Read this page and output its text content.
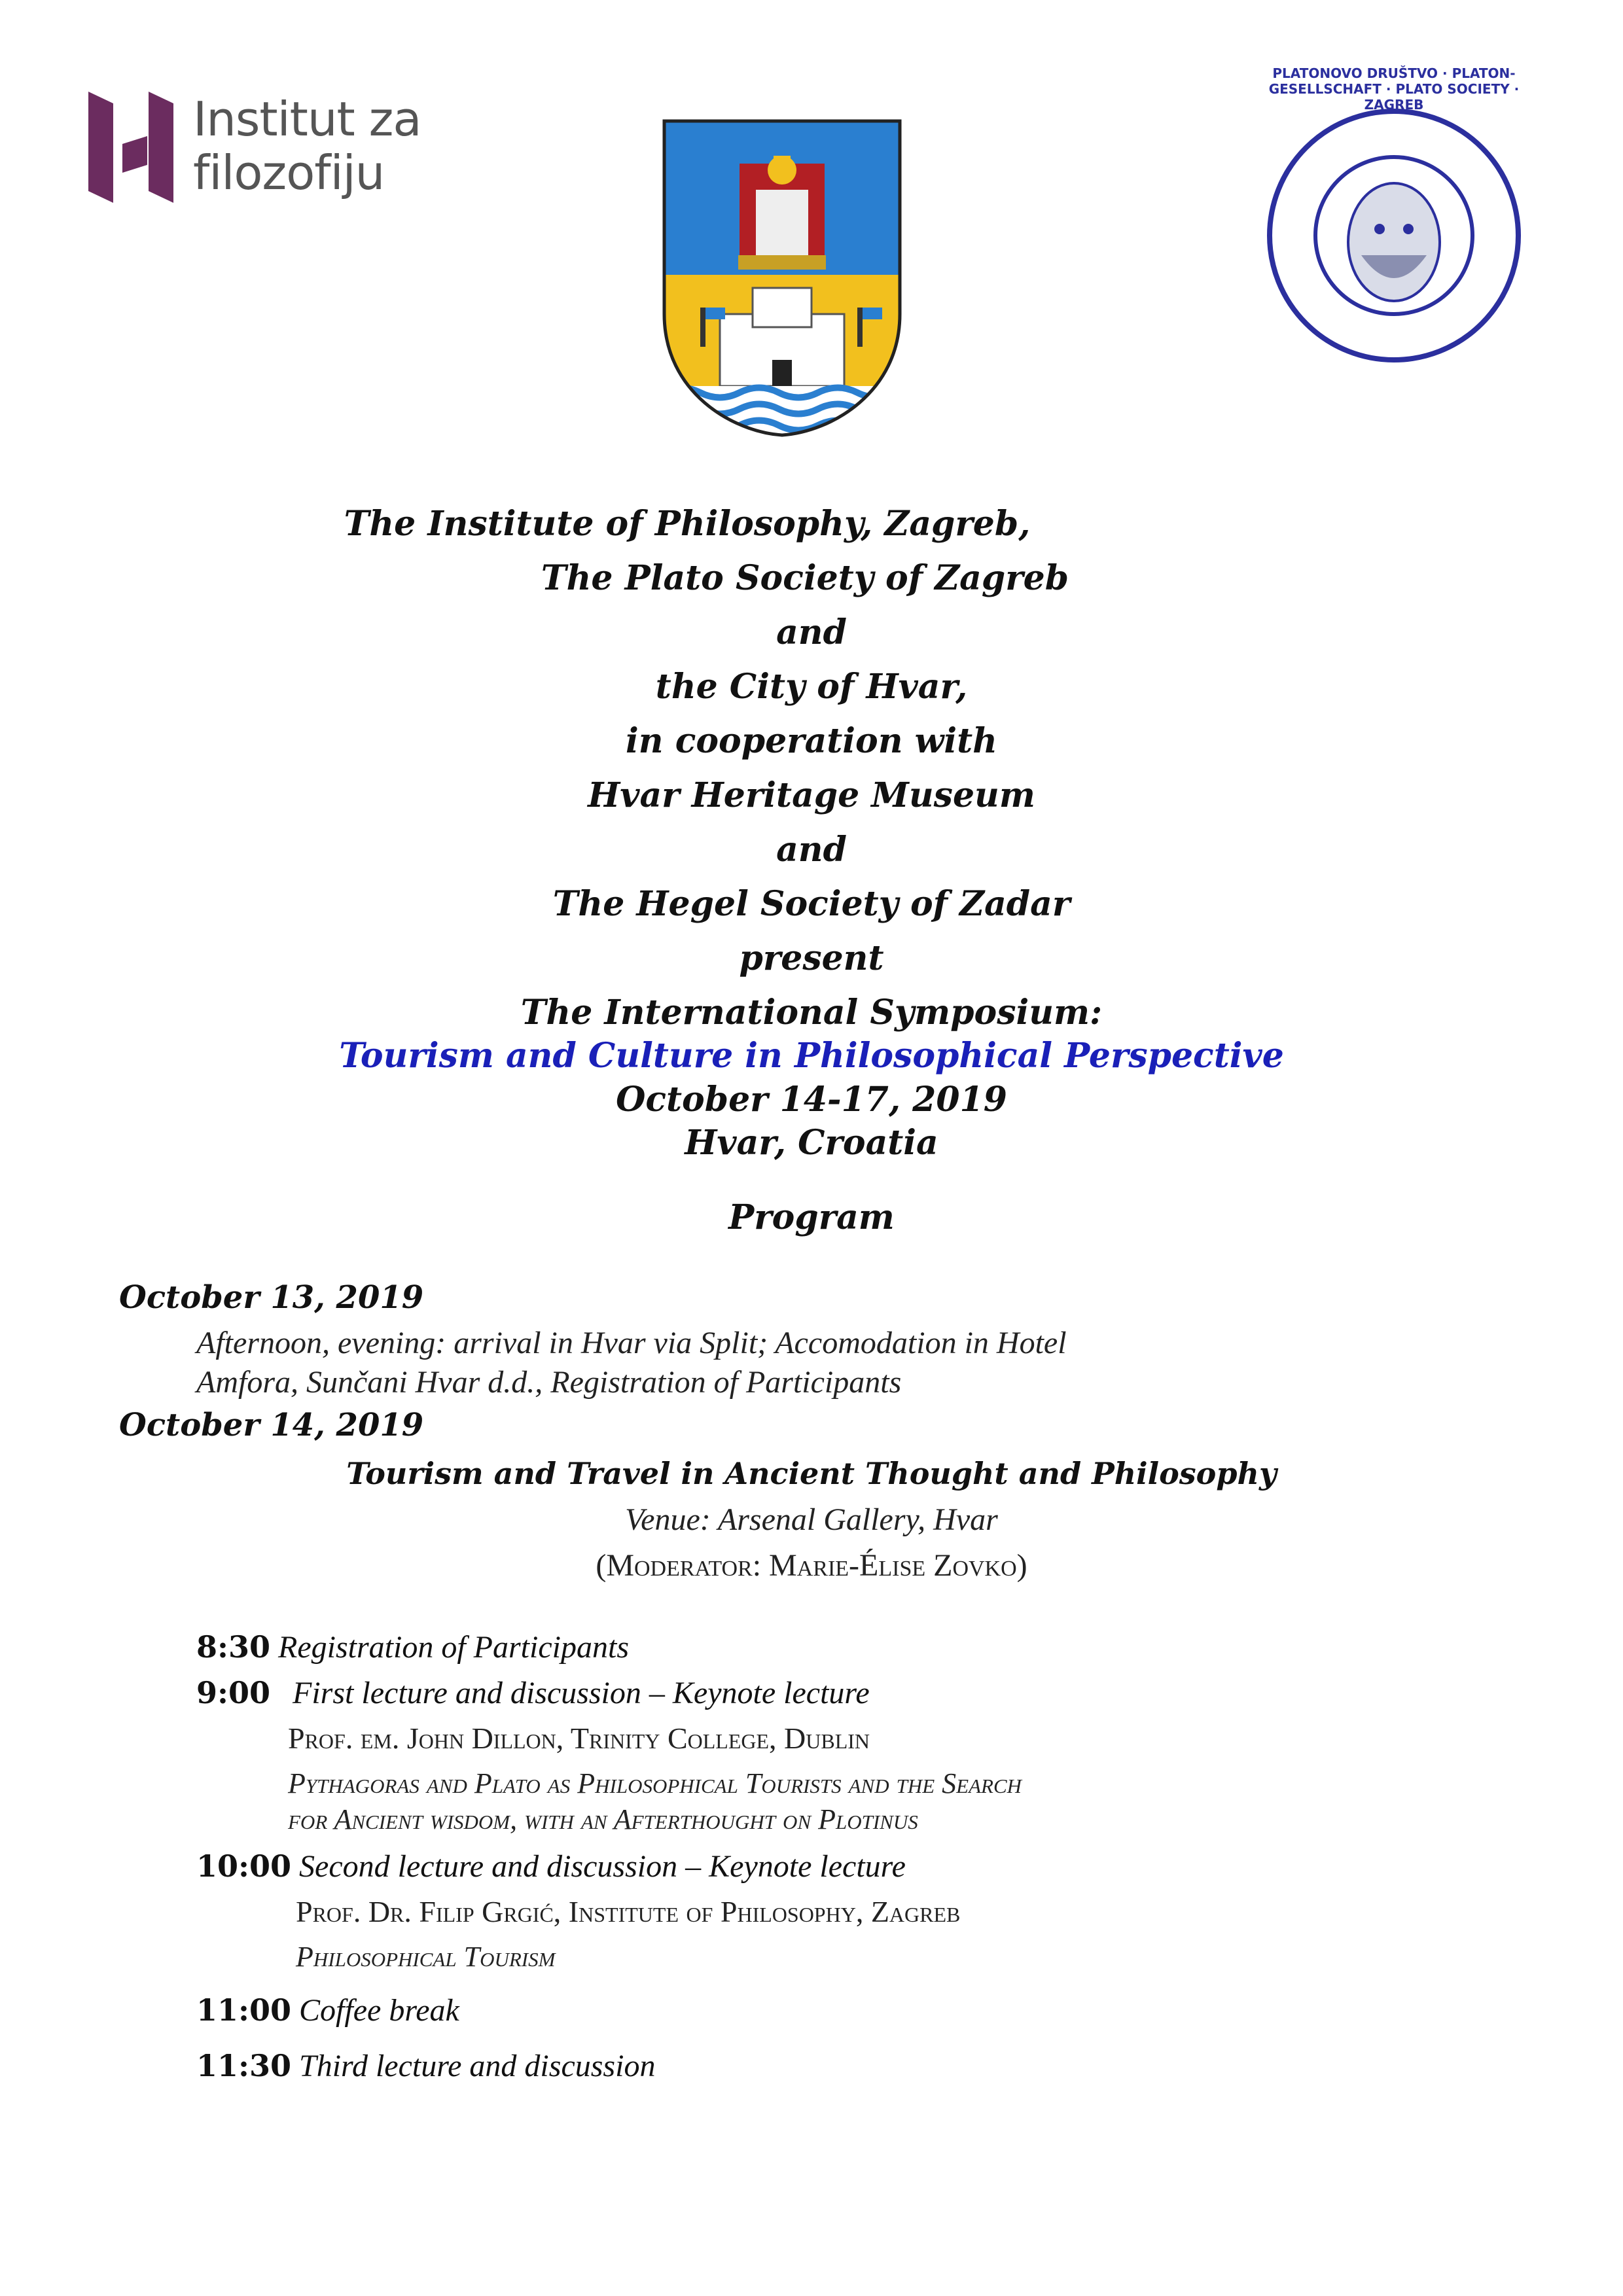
Institut za
filozofiju
PLATONOVO DRUŠTVO · PLATON-GESELLSCHAFT · PLATO SOCIETY · ZAGREB
The Institute of Philosophy, Zagreb,
The Plato Society of Zagreb
and
the City of Hvar,
in cooperation with
Hvar Heritage Museum
and
The Hegel Society of Zadar
present
The International Symposium:
Tourism and Culture in Philosophical Perspective
October 14-17, 2019
Hvar, Croatia
Program
October 13, 2019
Afternoon, evening: arrival in Hvar via Split; Accomodation in Hotel
Amfora, Sunčani Hvar d.d., Registration of Participants
October 14, 2019
Tourism and Travel in Ancient Thought and Philosophy
Venue: Arsenal Gallery, Hvar
(Moderator: Marie-Élise Zovko)
8:30 Registration of Participants
9:00 First lecture and discussion – Keynote lecture
Prof. em. John Dillon, Trinity College, Dublin
Pythagoras and Plato as Philosophical Tourists and the Search
for Ancient wisdom, with an Afterthought on Plotinus
10:00 Second lecture and discussion – Keynote lecture
Prof. Dr. Filip Grgić, Institute of Philosophy, Zagreb
Philosophical Tourism
11:00 Coffee break
11:30 Third lecture and discussion
